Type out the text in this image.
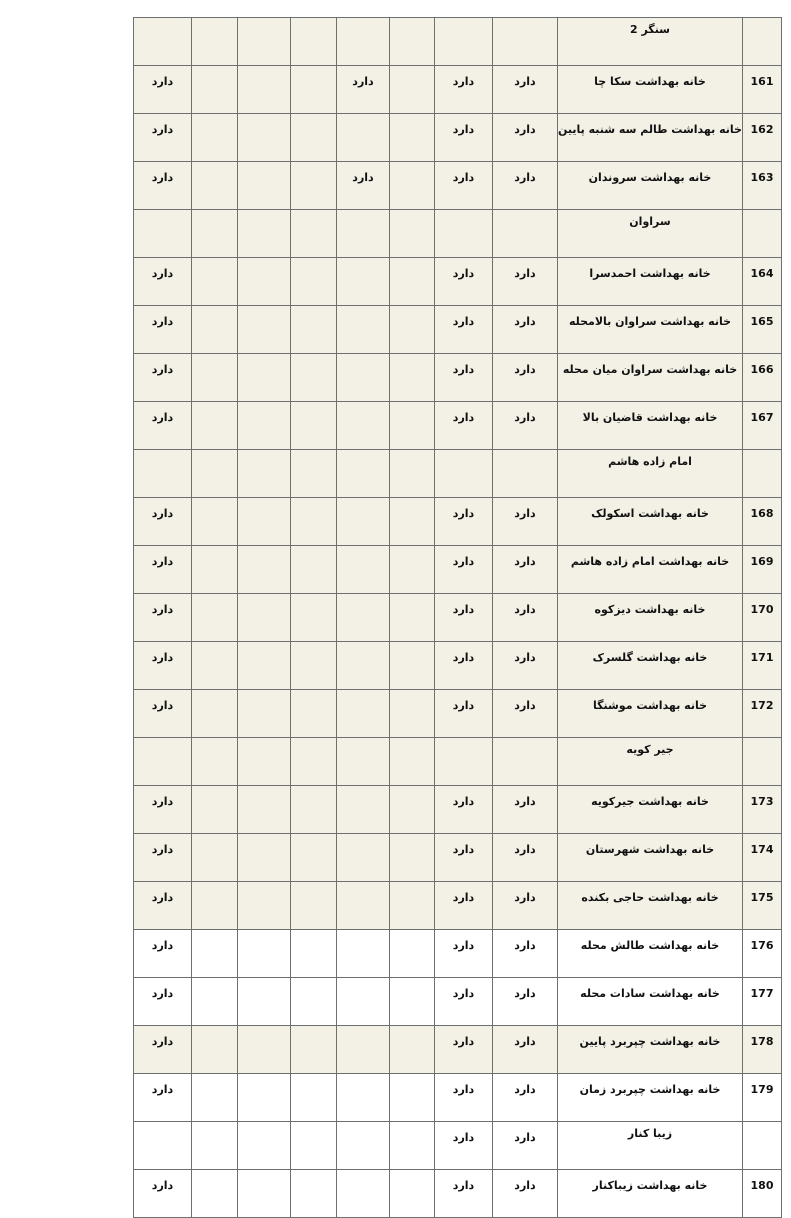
								سنگر 2	
دارد				دارد		دارد	دارد	خانه بهداشت سکا چا	161
دارد						دارد	دارد	خانه بهداشت طالم سه شنبه پایین	162
دارد				دارد		دارد	دارد	خانه بهداشت سروندان	163
								سراوان	
دارد						دارد	دارد	خانه بهداشت احمدسرا	164
دارد						دارد	دارد	خانه بهداشت سراوان بالامحله	165
دارد						دارد	دارد	خانه بهداشت سراوان میان محله	166
دارد						دارد	دارد	خانه بهداشت قاضیان بالا	167
								امام زاده هاشم	
دارد						دارد	دارد	خانه بهداشت اسکولک	168
دارد						دارد	دارد	خانه بهداشت امام زاده هاشم	169
دارد						دارد	دارد	خانه بهداشت دیزکوه	170
دارد						دارد	دارد	خانه بهداشت گلسرک	171
دارد						دارد	دارد	خانه بهداشت موشنگا	172
								جیر کویه	
دارد						دارد	دارد	خانه بهداشت جیرکویه	173
دارد						دارد	دارد	خانه بهداشت شهرستان	174
دارد						دارد	دارد	خانه بهداشت حاجی بکنده	175
دارد						دارد	دارد	خانه بهداشت طالش محله	176
دارد						دارد	دارد	خانه بهداشت سادات محله	177
دارد						دارد	دارد	خانه بهداشت چپربرد پایین	178
دارد						دارد	دارد	خانه بهداشت چپربرد زمان	179
						دارد	دارد	زیبا کنار	
دارد						دارد	دارد	خانه بهداشت زیباکنار	180
